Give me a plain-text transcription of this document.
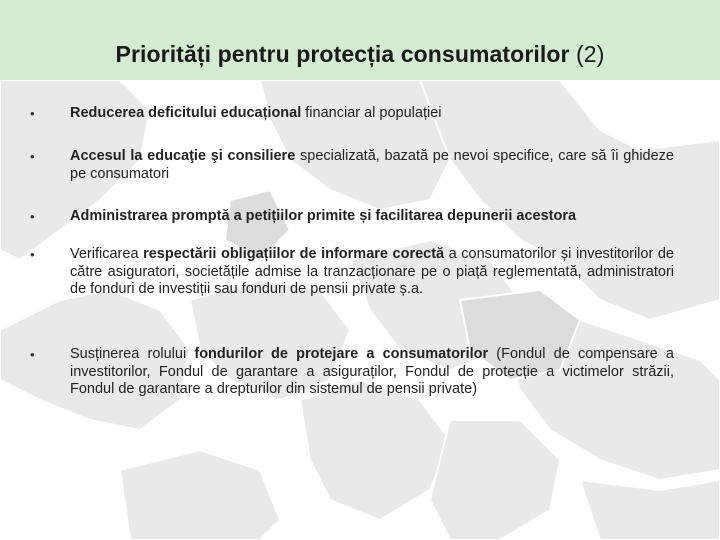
Priorități pentru protecția consumatorilor (2)
•	Reducerea deficitului educațional financiar al populației
•	Accesul la educaţie şi consiliere specializată, bazată pe nevoi specifice, care să îi ghideze pe consumatori
•	Administrarea promptă a petițiilor primite și facilitarea depunerii acestora
•	Verificarea respectării obligațiilor de informare corectă a consumatorilor și investitorilor de către asiguratori, societățile admise la tranzacționare pe o piață reglementată, administratori de fonduri de investiții sau fonduri de pensii private ș.a.
•	Susținerea rolului fondurilor de protejare a consumatorilor (Fondul de compensare a investitorilor, Fondul de garantare a asiguraților, Fondul de protecție a victimelor străzii, Fondul de garantare a drepturilor din sistemul de pensii private)
